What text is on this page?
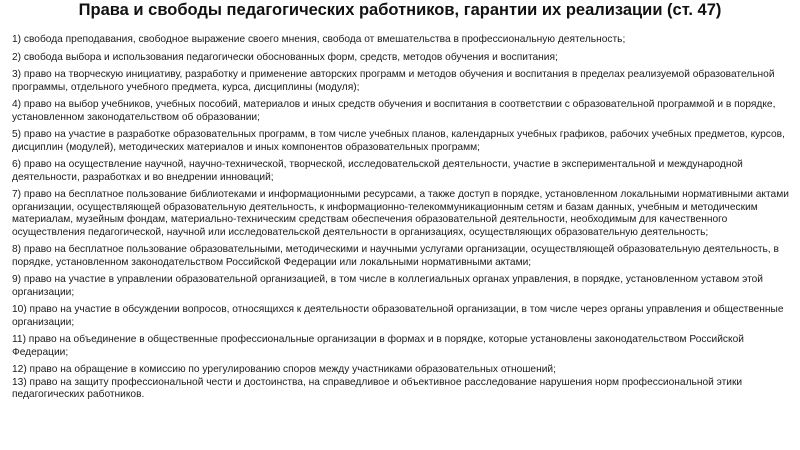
Права и свободы педагогических работников, гарантии их реализации (ст. 47)
1) свобода преподавания, свободное выражение своего мнения, свобода от вмешательства в профессиональную деятельность;
2) свобода выбора и использования педагогически обоснованных форм, средств, методов обучения и воспитания;
3) право на творческую инициативу, разработку и применение авторских программ и методов обучения и воспитания в пределах реализуемой образовательной программы, отдельного учебного предмета, курса, дисциплины (модуля);
4) право на выбор учебников, учебных пособий, материалов и иных средств обучения и воспитания в соответствии с образовательной программой и в порядке, установленном законодательством об образовании;
5) право на участие в разработке образовательных программ, в том числе учебных планов, календарных учебных графиков, рабочих учебных предметов, курсов, дисциплин (модулей), методических материалов и иных компонентов образовательных программ;
6) право на осуществление научной, научно-технической, творческой, исследовательской деятельности, участие в экспериментальной и международной деятельности, разработках и во внедрении инноваций;
7) право на бесплатное пользование библиотеками и информационными ресурсами, а также доступ в порядке, установленном локальными нормативными актами организации, осуществляющей образовательную деятельность, к информационно-телекоммуникационным сетям и базам данных, учебным и методическим материалам, музейным фондам, материально-техническим средствам обеспечения образовательной деятельности, необходимым для качественного осуществления педагогической, научной или исследовательской деятельности в организациях, осуществляющих образовательную деятельность;
8) право на бесплатное пользование образовательными, методическими и научными услугами организации, осуществляющей образовательную деятельность, в порядке, установленном законодательством Российской Федерации или локальными нормативными актами;
9) право на участие в управлении образовательной организацией, в том числе в коллегиальных органах управления, в порядке, установленном уставом этой организации;
10) право на участие в обсуждении вопросов, относящихся к деятельности образовательной организации, в том числе через органы управления и общественные организации;
11) право на объединение в общественные профессиональные организации в формах и в порядке, которые установлены законодательством Российской Федерации;
12) право на обращение в комиссию по урегулированию споров между участниками образовательных отношений;
13) право на защиту профессиональной чести и достоинства, на справедливое и объективное расследование нарушения норм профессиональной этики педагогических работников.
